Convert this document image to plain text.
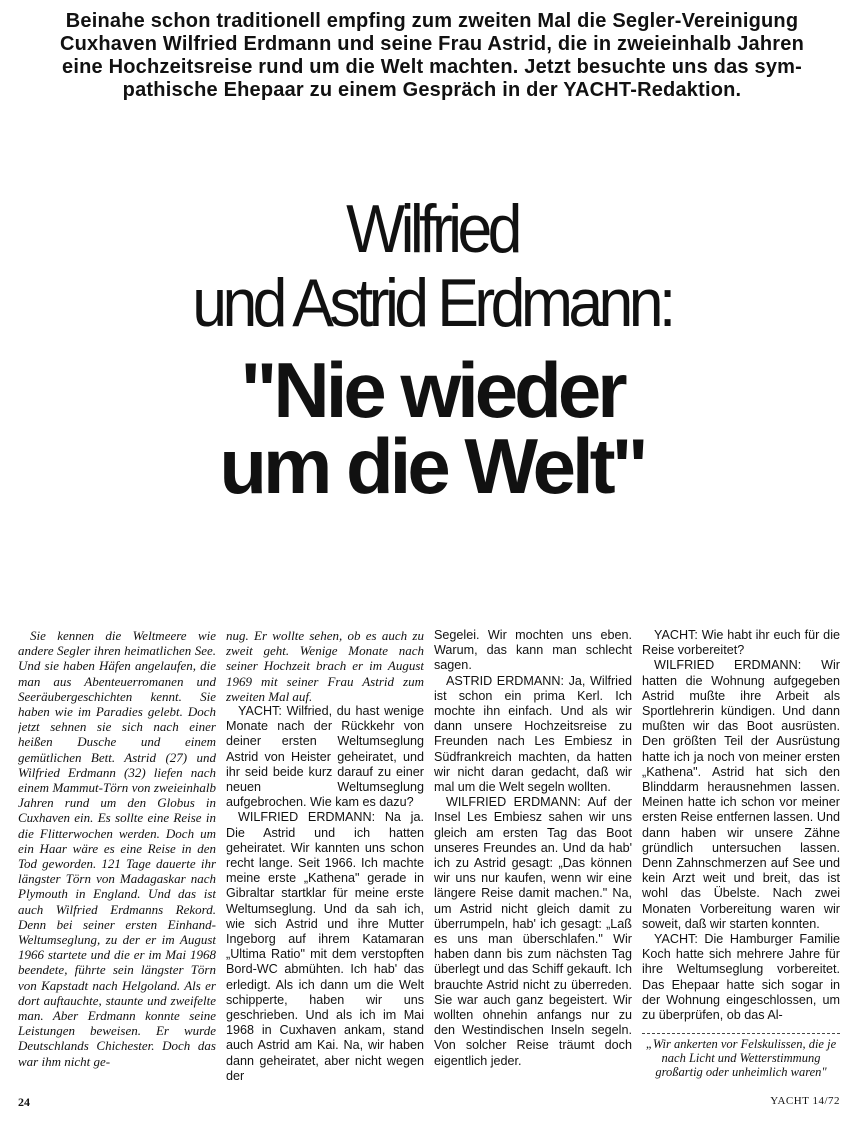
Beinahe schon traditionell empfing zum zweiten Mal die Segler-Vereinigung
Cuxhaven Wilfried Erdmann und seine Frau Astrid, die in zweieinhalb Jahren
eine Hochzeitsreise rund um die Welt machten. Jetzt besuchte uns das sym-
pathische Ehepaar zu einem Gespräch in der YACHT-Redaktion.
Wilfried
und Astrid Erdmann:
"Nie wieder
um die Welt"

Sie kennen die Weltmeere wie andere Segler ihren heimatlichen See. Und sie haben Häfen angelaufen, die man aus Abenteuerromanen und Seeräubergeschichten kennt. Sie haben wie im Paradies gelebt. Doch jetzt sehnen sie sich nach einer heißen Dusche und einem gemütlichen Bett. Astrid (27) und Wilfried Erdmann (32) liefen nach einem Mammut-Törn von zweieinhalb Jahren rund um den Globus in Cuxhaven ein. Es sollte eine Reise in die Flitterwochen werden. Doch um ein Haar wäre es eine Reise in den Tod geworden. 121 Tage dauerte ihr längster Törn von Madagaskar nach Plymouth in England. Und das ist auch Wilfried Erdmanns Rekord. Denn bei seiner ersten Einhand-Weltumseglung, zu der er im August 1966 startete und die er im Mai 1968 beendete, führte sein längster Törn von Kapstadt nach Helgoland. Als er dort auftauchte, staunte und zweifelte man. Aber Erdmann konnte seine Leistungen beweisen. Er wurde Deutschlands Chichester. Doch das war ihm nicht ge-

nug. Er wollte sehen, ob es auch zu zweit geht. Wenige Monate nach seiner Hochzeit brach er im August 1969 mit seiner Frau Astrid zum zweiten Mal auf.

YACHT: Wilfried, du hast wenige Monate nach der Rückkehr von deiner ersten Weltumseglung Astrid von Heister geheiratet, und ihr seid beide kurz darauf zu einer neuen Weltumseglung aufgebrochen. Wie kam es dazu?

WILFRIED ERDMANN: Na ja. Die Astrid und ich hatten geheiratet. Wir kannten uns schon recht lange. Seit 1966. Ich machte meine erste „Kathena" gerade in Gibraltar startklar für meine erste Weltumseglung. Und da sah ich, wie sich Astrid und ihre Mutter Ingeborg auf ihrem Katamaran „Ultima Ratio" mit dem verstopften Bord-WC abmühten. Ich hab' das erledigt. Als ich dann um die Welt schipperte, haben wir uns geschrieben. Und als ich im Mai 1968 in Cuxhaven ankam, stand auch Astrid am Kai. Na, wir haben dann geheiratet, aber nicht wegen der

Segelei. Wir mochten uns eben. Warum, das kann man schlecht sagen.

ASTRID ERDMANN: Ja, Wilfried ist schon ein prima Kerl. Ich mochte ihn einfach. Und als wir dann unsere Hochzeitsreise zu Freunden nach Les Embiesz in Südfrankreich machten, da hatten wir nicht daran gedacht, daß wir mal um die Welt segeln wollten.

WILFRIED ERDMANN: Auf der Insel Les Embiesz sahen wir uns gleich am ersten Tag das Boot unseres Freundes an. Und da hab' ich zu Astrid gesagt: „Das können wir uns nur kaufen, wenn wir eine längere Reise damit machen." Na, um Astrid nicht gleich damit zu überrumpeln, hab' ich gesagt: „Laß es uns man überschlafen." Wir haben dann bis zum nächsten Tag überlegt und das Schiff gekauft. Ich brauchte Astrid nicht zu überreden. Sie war auch ganz begeistert. Wir wollten ohnehin anfangs nur zu den Westindischen Inseln segeln. Von solcher Reise träumt doch eigentlich jeder.

YACHT: Wie habt ihr euch für die Reise vorbereitet?

WILFRIED ERDMANN: Wir hatten die Wohnung aufgegeben Astrid mußte ihre Arbeit als Sportlehrerin kündigen. Und dann mußten wir das Boot ausrüsten. Den größten Teil der Ausrüstung hatte ich ja noch von meiner ersten „Kathena". Astrid hat sich den Blinddarm herausnehmen lassen. Meinen hatte ich schon vor meiner ersten Reise entfernen lassen. Und dann haben wir unsere Zähne gründlich untersuchen lassen. Denn Zahnschmerzen auf See und kein Arzt weit und breit, das ist wohl das Übelste. Nach zwei Monaten Vorbereitung waren wir soweit, daß wir starten konnten.

YACHT: Die Hamburger Familie Koch hatte sich mehrere Jahre für ihre Weltumseglung vorbereitet. Das Ehepaar hatte sich sogar in der Wohnung eingeschlossen, um zu überprüfen, ob das Al-

„Wir ankerten vor Felskulissen, die je nach Licht und Wetterstimmung großartig oder unheimlich waren"
24	YACHT 14/72
